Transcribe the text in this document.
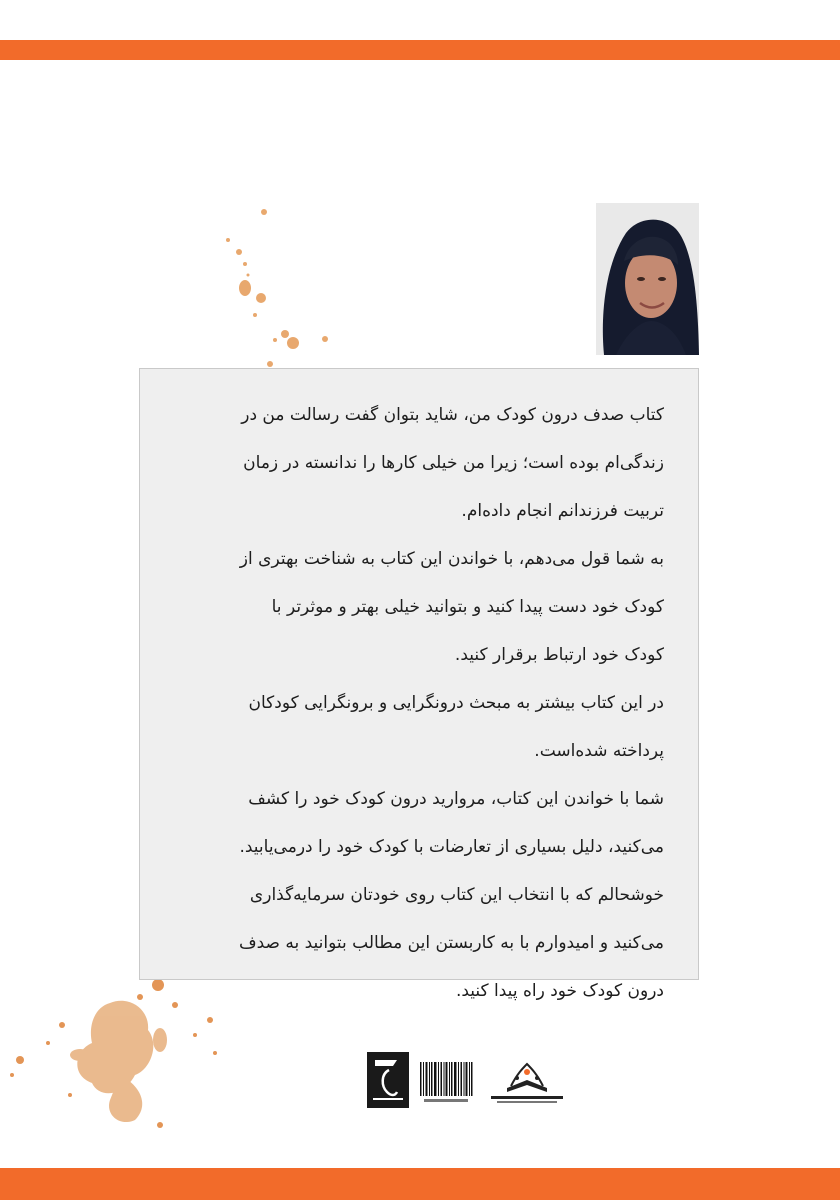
کتاب صدف درون کودک من، شاید بتوان گفت رسالت من در

زندگی‌ام بوده است؛ زیرا من خیلی کارها را ندانسته در زمان

تربیت فرزندانم انجام داده‌ام.

به شما قول می‌دهم، با خواندن این کتاب به شناخت بهتری از

کودک خود دست پیدا کنید و بتوانید خیلی بهتر و موثرتر با

کودک خود ارتباط برقرار کنید.

در این کتاب بیشتر به مبحث درونگرایی و برونگرایی کودکان

پرداخته شده‌است.

شما با خواندن این کتاب، مروارید درون کودک خود را کشف

می‌کنید، دلیل بسیاری از تعارضات با کودک خود را درمی‌یابید.

خوشحالم که با انتخاب این کتاب روی خودتان سرمایه‌گذاری

می‌کنید و امیدوارم با به کاربستن این مطالب بتوانید به صدف

درون کودک خود راه پیدا کنید.
